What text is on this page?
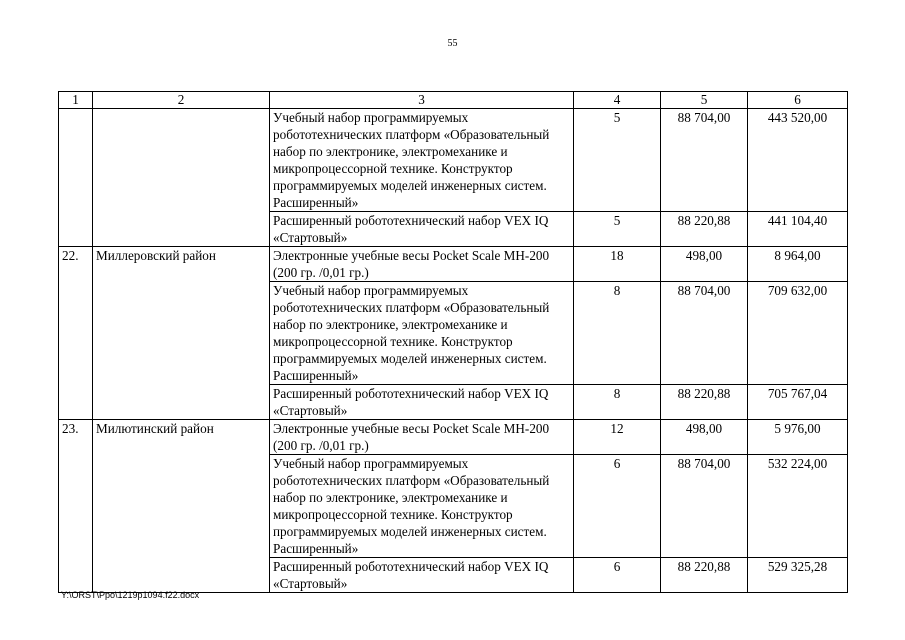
55
1	2	3	4	5	6
		Учебный набор программируемых робототехнических платформ «Образовательный набор по электронике, электромеханике и микропроцессорной технике. Конструктор программируемых моделей инженерных систем. Расширенный»	5	88 704,00	443 520,00
		Расширенный робототехнический набор VEX IQ «Стартовый»	5	88 220,88	441 104,40
22.	Миллеровский район	Электронные учебные весы Pocket Scale MH-200 (200 гр. /0,01 гр.)	18	498,00	8 964,00
		Учебный набор программируемых робототехнических платформ «Образовательный набор по электронике, электромеханике и микропроцессорной технике. Конструктор программируемых моделей инженерных систем. Расширенный»	8	88 704,00	709 632,00
		Расширенный робототехнический набор VEX IQ «Стартовый»	8	88 220,88	705 767,04
23.	Милютинский район	Электронные учебные весы Pocket Scale MH-200 (200 гр. /0,01 гр.)	12	498,00	5 976,00
		Учебный набор программируемых робототехнических платформ «Образовательный набор по электронике, электромеханике и микропроцессорной технике. Конструктор программируемых моделей инженерных систем. Расширенный»	6	88 704,00	532 224,00
		Расширенный робототехнический набор VEX IQ «Стартовый»	6	88 220,88	529 325,28
Y:\ORST\Ppo\1219p1094.f22.docx
